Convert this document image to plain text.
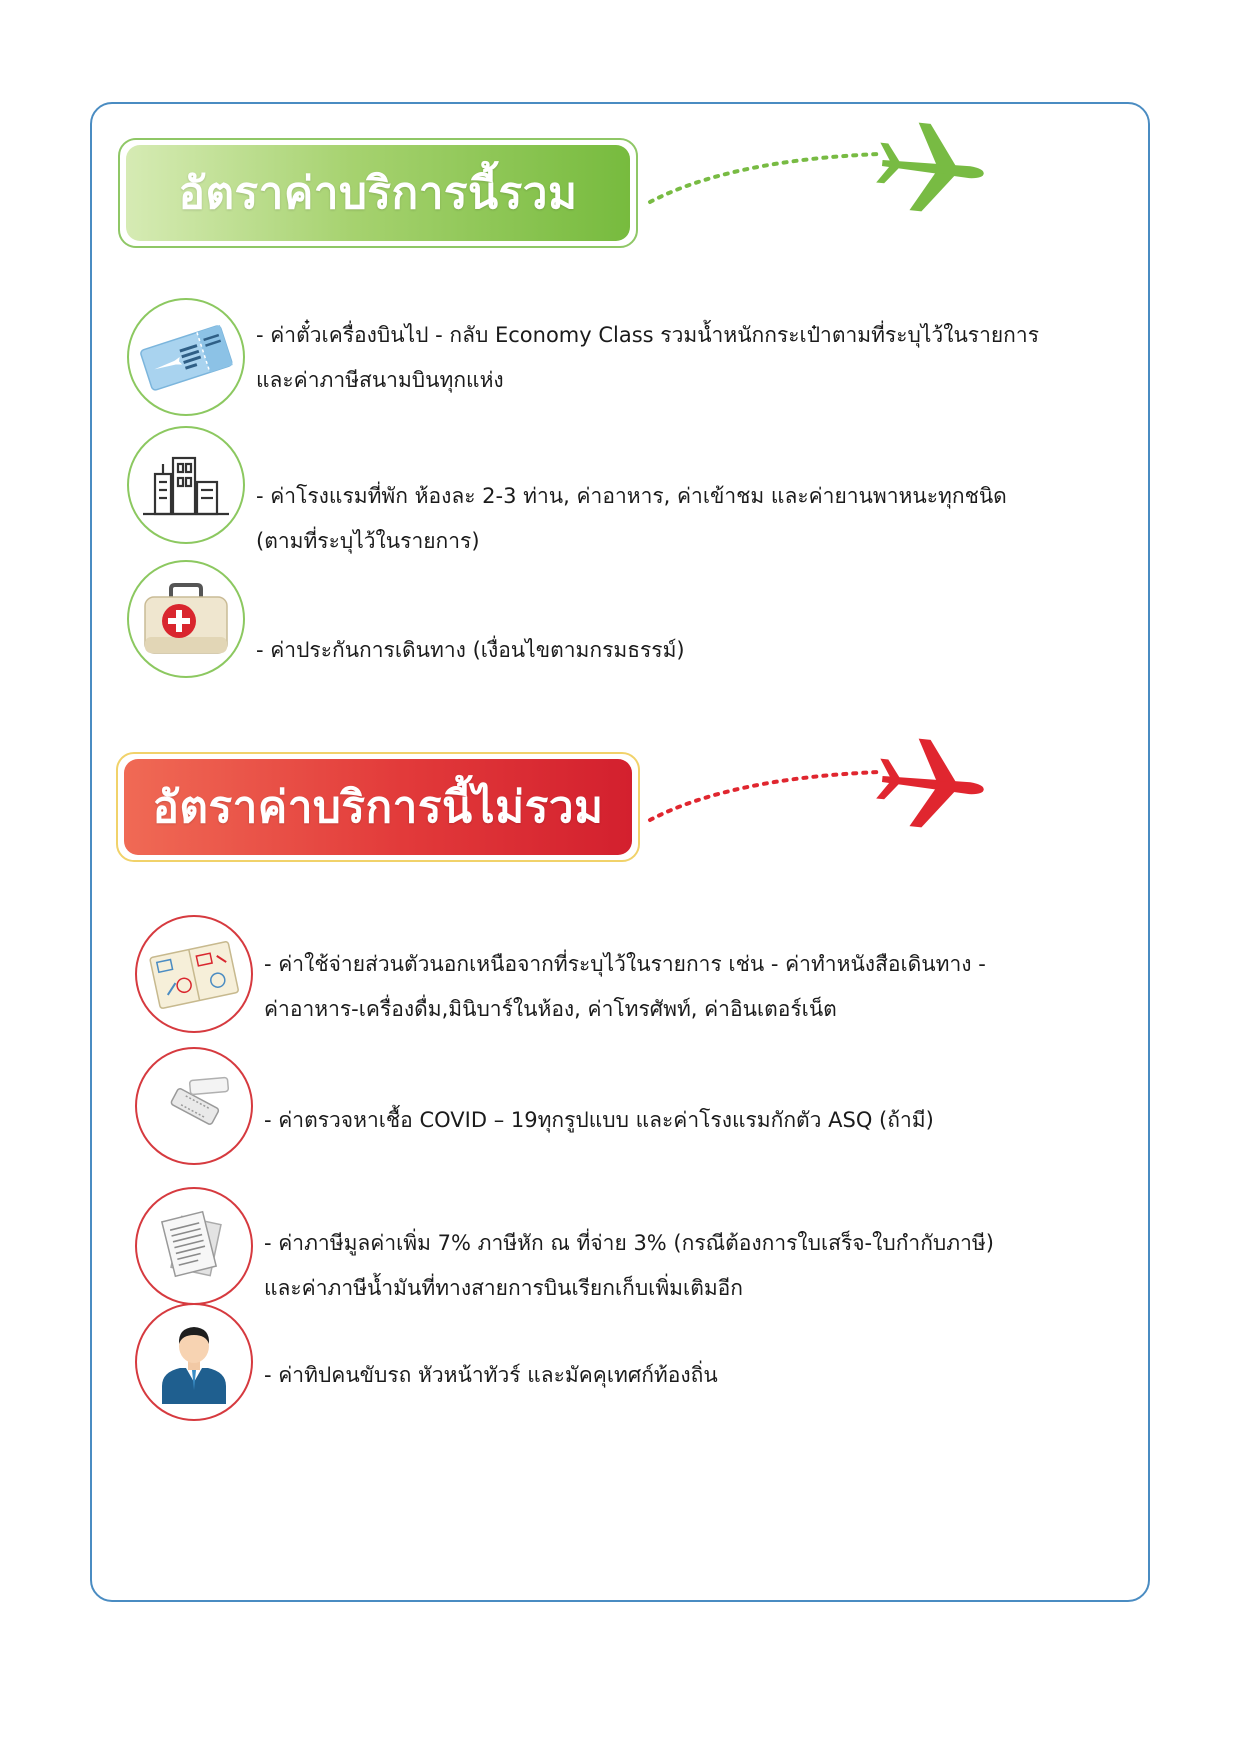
อัตราค่าบริการนี้รวม
- ค่าตั๋วเครื่องบินไป - กลับ Economy Class รวมน้ำหนักกระเป๋าตามที่ระบุไว้ในรายการ
และค่าภาษีสนามบินทุกแห่ง
- ค่าโรงแรมที่พัก ห้องละ 2-3 ท่าน, ค่าอาหาร, ค่าเข้าชม และค่ายานพาหนะทุกชนิด
(ตามที่ระบุไว้ในรายการ)
- ค่าประกันการเดินทาง (เงื่อนไขตามกรมธรรม์)
อัตราค่าบริการนี้ไม่รวม
- ค่าใช้จ่ายส่วนตัวนอกเหนือจากที่ระบุไว้ในรายการ เช่น - ค่าทำหนังสือเดินทาง -
ค่าอาหาร-เครื่องดื่ม,มินิบาร์ในห้อง, ค่าโทรศัพท์, ค่าอินเตอร์เน็ต
- ค่าตรวจหาเชื้อ COVID – 19ทุกรูปแบบ และค่าโรงแรมกักตัว ASQ (ถ้ามี)
- ค่าภาษีมูลค่าเพิ่ม 7% ภาษีหัก ณ ที่จ่าย 3% (กรณีต้องการใบเสร็จ-ใบกำกับภาษี)
และค่าภาษีน้ำมันที่ทางสายการบินเรียกเก็บเพิ่มเติมอีก
- ค่าทิปคนขับรถ หัวหน้าทัวร์ และมัคคุเทศก์ท้องถิ่น
